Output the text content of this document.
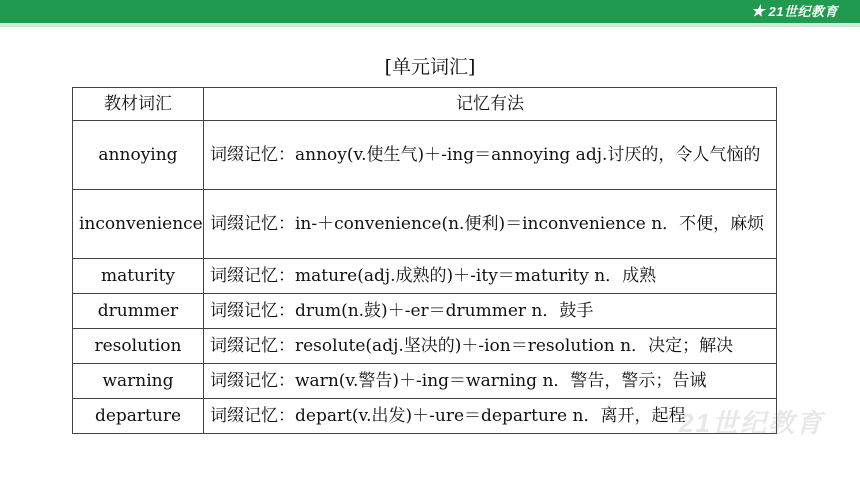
★ 21世纪教育
[单元词汇]
教材词汇	记忆有法
annoying	词缀记忆：annoy(v.使生气)＋-ing＝annoying adj.讨厌的，令人气恼的
inconvenience	词缀记忆：in-＋convenience(n.便利)＝inconvenience n．不便，麻烦
maturity	词缀记忆：mature(adj.成熟的)＋-ity＝maturity n．成熟
drummer	词缀记忆：drum(n.鼓)＋-er＝drummer n．鼓手
resolution	词缀记忆：resolute(adj.坚决的)＋-ion＝resolution n．决定；解决
warning	词缀记忆：warn(v.警告)＋-ing＝warning n．警告，警示；告诫
departure	词缀记忆：depart(v.出发)＋-ure＝departure n．离开，起程
21世纪教育
